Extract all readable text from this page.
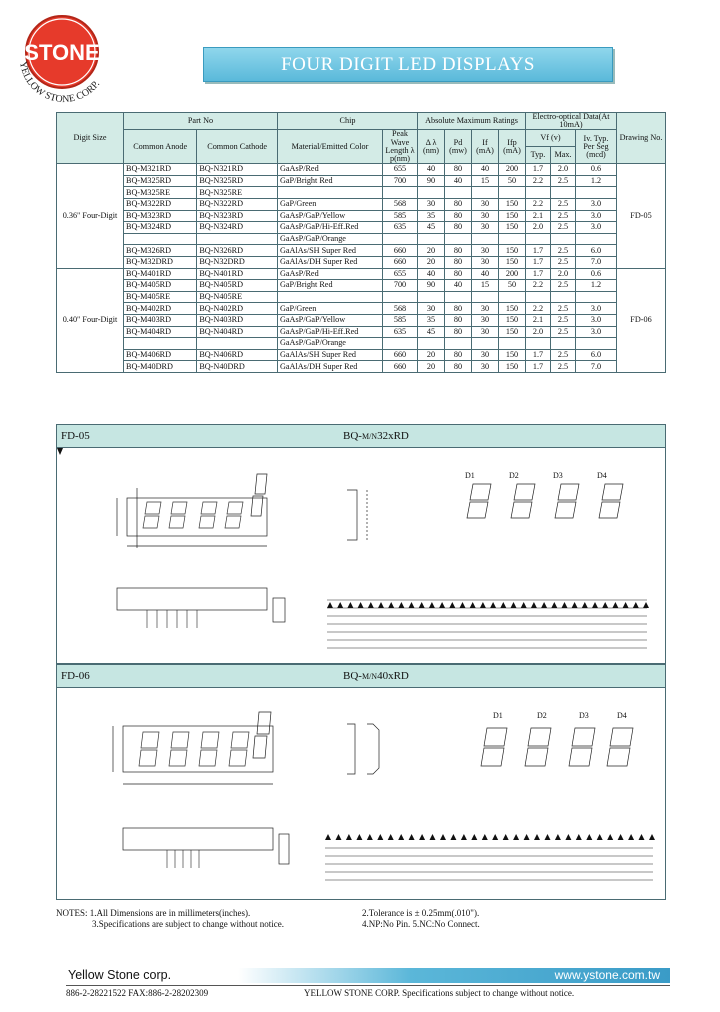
STONE
YELLOW STONE CORP.
FOUR DIGIT LED DISPLAYS
Digit Size	Part No		Chip		Absolute Maximum Ratings				Electro-optical Data(At 10mA)			Drawing No.
	Common Anode	Common Cathode	Material/Emitted Color	Peak Wave Length λ p(nm)	Δ λ (nm)	Pd (mw)	If (mA)	Ifp (mA)	Vf (v)		Iv. Typ. Per Seg (mcd)	
									Typ.	Max.		
0.36" Four-Digit	BQ-M321RD	BQ-N321RD	GaAsP/Red	655	40	80	40	200	1.7	2.0	0.6	FD-05
	BQ-M325RD	BQ-N325RD	GaP/Bright Red	700	90	40	15	50	2.2	2.5	1.2	
	BQ-M325RE	BQ-N325RE										
	BQ-M322RD	BQ-N322RD	GaP/Green	568	30	80	30	150	2.2	2.5	3.0	
	BQ-M323RD	BQ-N323RD	GaAsP/GaP/Yellow	585	35	80	30	150	2.1	2.5	3.0	
	BQ-M324RD	BQ-N324RD	GaAsP/GaP/Hi-Eff.Red	635	45	80	30	150	2.0	2.5	3.0	
			GaAsP/GaP/Orange									
	BQ-M326RD	BQ-N326RD	GaAlAs/SH Super Red	660	20	80	30	150	1.7	2.5	6.0	
	BQ-M32DRD	BQ-N32DRD	GaAlAs/DH Super Red	660	20	80	30	150	1.7	2.5	7.0	
0.40" Four-Digit	BQ-M401RD	BQ-N401RD	GaAsP/Red	655	40	80	40	200	1.7	2.0	0.6	FD-06
	BQ-M405RD	BQ-N405RD	GaP/Bright Red	700	90	40	15	50	2.2	2.5	1.2	
	BQ-M405RE	BQ-N405RE										
	BQ-M402RD	BQ-N402RD	GaP/Green	568	30	80	30	150	2.2	2.5	3.0	
	BQ-M403RD	BQ-N403RD	GaAsP/GaP/Yellow	585	35	80	30	150	2.1	2.5	3.0	
	BQ-M404RD	BQ-N404RD	GaAsP/GaP/Hi-Eff.Red	635	45	80	30	150	2.0	2.5	3.0	
			GaAsP/GaP/Orange									
	BQ-M406RD	BQ-N406RD	GaAlAs/SH Super Red	660	20	80	30	150	1.7	2.5	6.0	
	BQ-M40DRD	BQ-N40DRD	GaAlAs/DH Super Red	660	20	80	30	150	1.7	2.5	7.0	
FD-05	BQ-M/N32xRD
D1	D2	D3	D4
FD-06	BQ-M/N40xRD
D1	D2	D3	D4
NOTES: 1.All Dimensions are in millimeters(inches).
3.Specifications are subject to change without notice.
2.Tolerance is ± 0.25mm(.010").
4.NP:No Pin. 5.NC:No Connect.
Yellow Stone corp.	www.ystone.com.tw
886-2-28221522 FAX:886-2-28202309	YELLOW STONE CORP. Specifications subject to change without notice.
